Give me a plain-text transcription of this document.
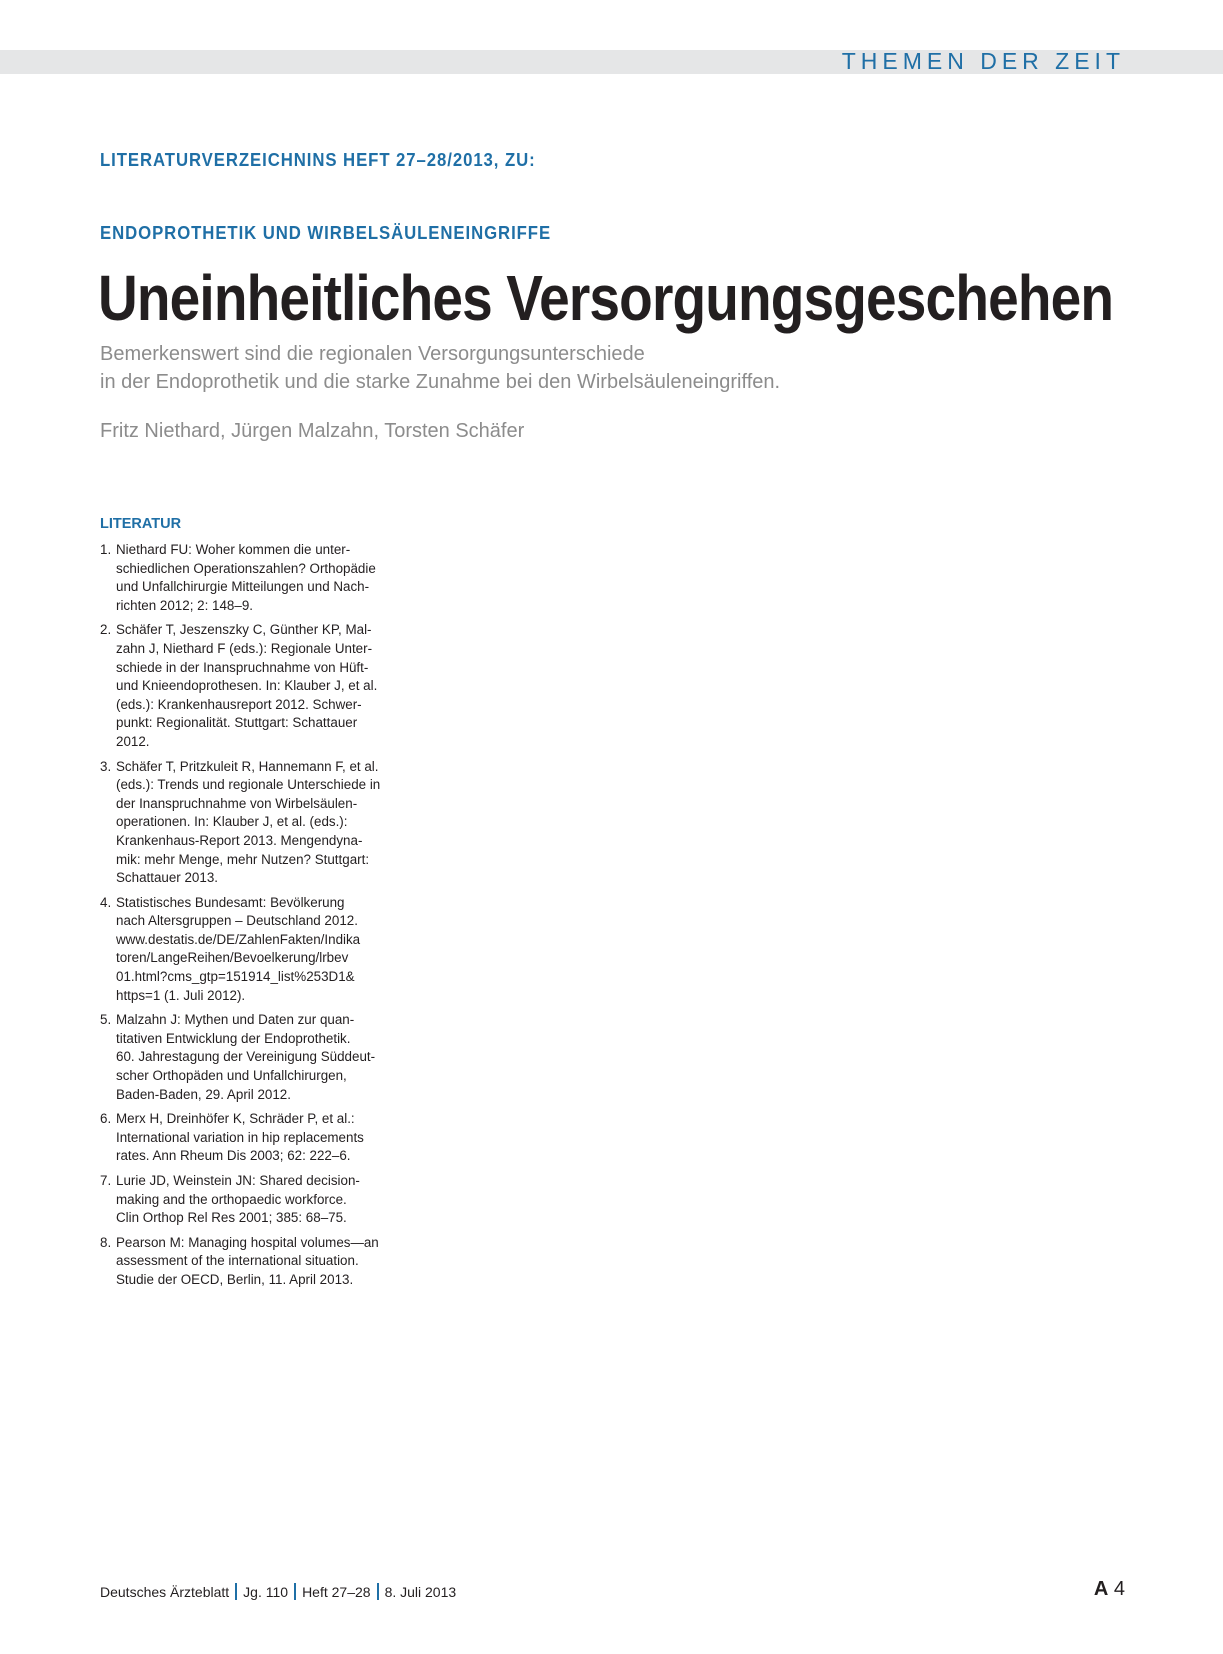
THEMEN DER ZEIT
LITERATURVERZEICHNINS HEFT 27–28/2013, ZU:
ENDOPROTHETIK UND WIRBELSÄULENEINGRIFFE
Uneinheitliches Versorgungsgeschehen
Bemerkenswert sind die regionalen Versorgungsunterschiede
in der Endoprothetik und die starke Zunahme bei den Wirbelsäuleneingriffen.
Fritz Niethard, Jürgen Malzahn, Torsten Schäfer
LITERATUR
1. Niethard FU: Woher kommen die unter-
schiedlichen Operationszahlen? Orthopädie
und Unfallchirurgie Mitteilungen und Nach-
richten 2012; 2: 148–9.
2. Schäfer T, Jeszenszky C, Günther KP, Mal-
zahn J, Niethard F (eds.): Regionale Unter-
schiede in der Inanspruchnahme von Hüft-
und Knieendoprothesen. In: Klauber J, et al.
(eds.): Krankenhausreport 2012. Schwer-
punkt: Regionalität. Stuttgart: Schattauer
2012.
3. Schäfer T, Pritzkuleit R, Hannemann F, et al.
(eds.): Trends und regionale Unterschiede in
der Inanspruchnahme von Wirbelsäulen-
operationen. In: Klauber J, et al. (eds.):
Krankenhaus-Report 2013. Mengendyna-
mik: mehr Menge, mehr Nutzen? Stuttgart:
Schattauer 2013.
4. Statistisches Bundesamt: Bevölkerung
nach Altersgruppen – Deutschland 2012.
www.destatis.de/DE/ZahlenFakten/Indika
toren/LangeReihen/Bevoelkerung/lrbev
01.html?cms_gtp=151914_list%253D1&
https=1 (1. Juli 2012).
5. Malzahn J: Mythen und Daten zur quan-
titativen Entwicklung der Endoprothetik.
60. Jahrestagung der Vereinigung Süddeut-
scher Orthopäden und Unfallchirurgen,
Baden-Baden, 29. April 2012.
6. Merx H, Dreinhöfer K, Schräder P, et al.:
International variation in hip replacements
rates. Ann Rheum Dis 2003; 62: 222–6.
7. Lurie JD, Weinstein JN: Shared decision-
making and the orthopaedic workforce.
Clin Orthop Rel Res 2001; 385: 68–75.
8. Pearson M: Managing hospital volumes—an
assessment of the international situation.
Studie der OECD, Berlin, 11. April 2013.
Deutsches Ärzteblatt Jg. 110 Heft 27–28 8. Juli 2013	A 4
